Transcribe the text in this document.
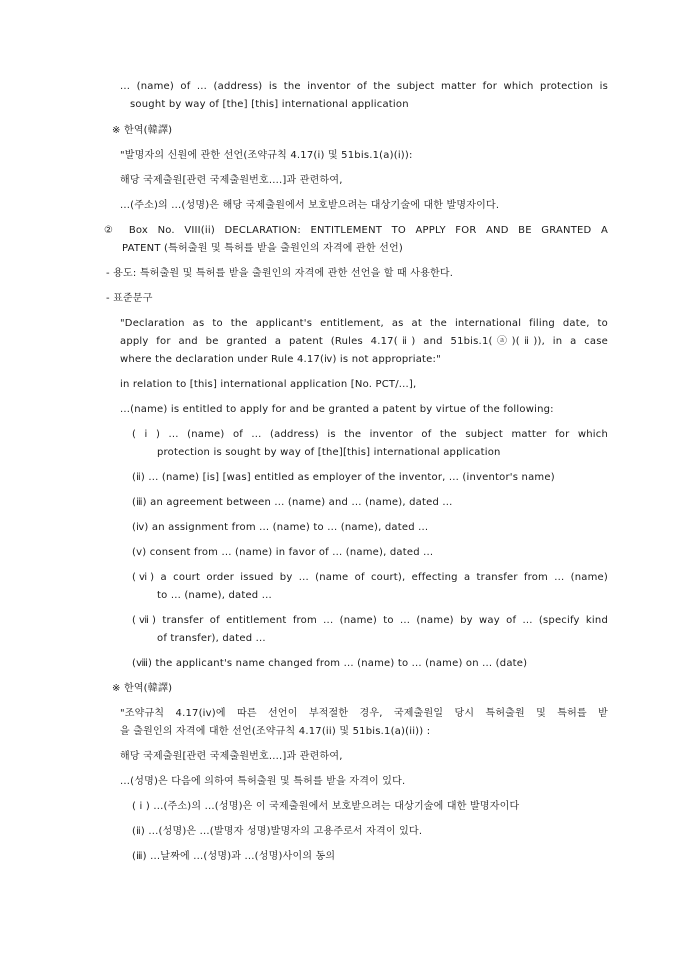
... (name) of ... (address) is the inventor of the subject matter for which protection is
sought by way of [the] [this] international application
※ 한역(韓譯)
"발명자의 신원에 관한 선언(조약규칙 4.17(i) 및 51bis.1(a)(i)):
해당 국제출원[관련 국제출원번호....]과 관련하여,
...(주소)의 ...(성명)은 해당 국제출원에서 보호받으려는 대상기술에 대한 발명자이다.
② Box No. VIII(ii) DECLARATION: ENTITLEMENT TO APPLY FOR AND BE GRANTED A
PATENT (특허출원 및 특허를 받을 출원인의 자격에 관한 선언)
- 용도: 특허출원 및 특허를 받을 출원인의 자격에 관한 선언을 할 때 사용한다.
- 표준문구
"Declaration as to the applicant's entitlement, as at the international filing date, to
apply for and be granted a patent (Rules 4.17(ⅱ) and 51bis.1(ⓐ)(ⅱ)), in a case
where the declaration under Rule 4.17(ⅳ) is not appropriate:"
in relation to [this] international application [No. PCT/...],
...(name) is entitled to apply for and be granted a patent by virtue of the following:
( i ) ... (name) of ... (address) is the inventor of the subject matter for which
protection is sought by way of [the][this] international application
(ⅱ) ... (name) [is] [was] entitled as employer of the inventor, ... (inventor's name)
(ⅲ) an agreement between ... (name) and ... (name), dated ...
(ⅳ) an assignment from ... (name) to ... (name), dated ...
(ⅴ) consent from ... (name) in favor of ... (name), dated ...
(ⅵ) a court order issued by ... (name of court), effecting a transfer from ... (name)
to ... (name), dated ...
(ⅶ) transfer of entitlement from ... (name) to ... (name) by way of ... (specify kind
of transfer), dated ...
(ⅷ) the applicant's name changed from ... (name) to ... (name) on ... (date)
※ 한역(韓譯)
"조약규칙 4.17(iv)에 따른 선언이 부적절한 경우, 국제출원일 당시 특허출원 및 특허를 받
을 출원인의 자격에 대한 선언(조약규칙 4.17(ii) 및 51bis.1(a)(ii)) :
해당 국제출원[관련 국제출원번호....]과 관련하여,
...(성명)은 다음에 의하여 특허출원 및 특허를 받을 자격이 있다.
( i ) ...(주소)의 ...(성명)은 이 국제출원에서 보호받으려는 대상기술에 대한 발명자이다
(ⅱ) ...(성명)은 ...(발명자 성명)발명자의 고용주로서 자격이 있다.
(ⅲ) ...날짜에 ...(성명)과 ...(성명)사이의 동의
